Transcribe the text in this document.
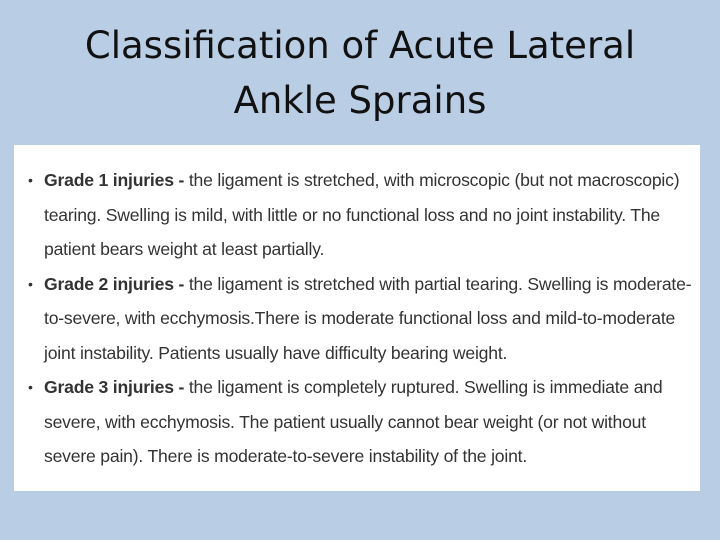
Classification of Acute Lateral
Ankle Sprains
• Grade 1 injuries - the ligament is stretched, with microscopic (but not macroscopic) tearing. Swelling is mild, with little or no functional loss and no joint instability. The patient bears weight at least partially.
• Grade 2 injuries - the ligament is stretched with partial tearing. Swelling is moderate-to-severe, with ecchymosis.There is moderate functional loss and mild-to-moderate joint instability. Patients usually have difficulty bearing weight.
• Grade 3 injuries - the ligament is completely ruptured. Swelling is immediate and severe, with ecchymosis. The patient usually cannot bear weight (or not without severe pain). There is moderate-to-severe instability of the joint.
